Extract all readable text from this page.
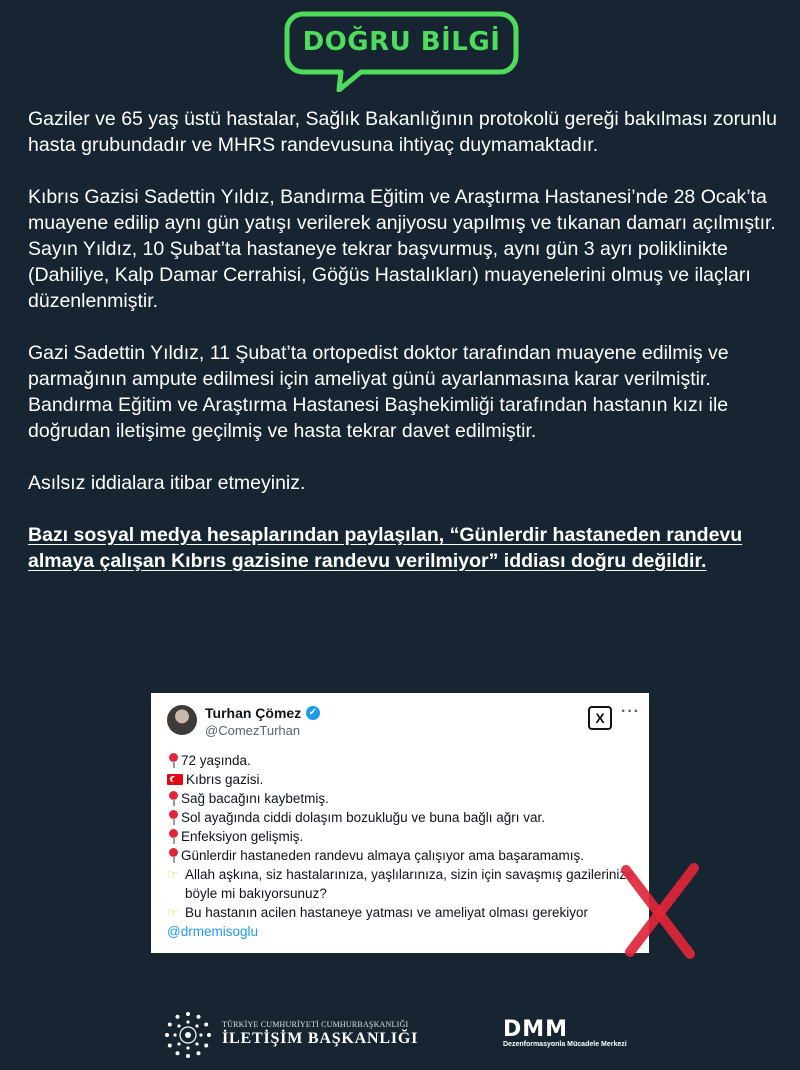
DOĞRU BİLGİ

Gaziler ve 65 yaş üstü hastalar, Sağlık Bakanlığının protokolü gereği bakılması zorunlu hasta grubundadır ve MHRS randevusuna ihtiyaç duymamaktadır.

Kıbrıs Gazisi Sadettin Yıldız, Bandırma Eğitim ve Araştırma Hastanesi’nde 28 Ocak’ta muayene edilip aynı gün yatışı verilerek anjiyosu yapılmış ve tıkanan damarı açılmıştır. Sayın Yıldız, 10 Şubat’ta hastaneye tekrar başvurmuş, aynı gün 3 ayrı poliklinikte (Dahiliye, Kalp Damar Cerrahisi, Göğüs Hastalıkları) muayenelerini olmuş ve ilaçları düzenlenmiştir.

Gazi Sadettin Yıldız, 11 Şubat’ta ortopedist doktor tarafından muayene edilmiş ve parmağının ampute edilmesi için ameliyat günü ayarlanmasına karar verilmiştir. Bandırma Eğitim ve Araştırma Hastanesi Başhekimliği tarafından hastanın kızı ile doğrudan iletişime geçilmiş ve hasta tekrar davet edilmiştir.

Asılsız iddialara itibar etmeyiniz.

Bazı sosyal medya hesaplarından paylaşılan, “Günlerdir hastaneden randevu almaya çalışan Kıbrıs gazisine randevu verilmiyor” iddiası doğru değildir.

Turhan Çömez ✓
@ComezTurhan
X	···
72 yaşında.
Kıbrıs gazisi.
Sağ bacağını kaybetmiş.
Sol ayağında ciddi dolaşım bozukluğu ve buna bağlı ağrı var.
Enfeksiyon gelişmiş.
Günlerdir hastaneden randevu almaya çalışıyor ama başaramamış.
☞ Allah aşkına, siz hastalarınıza, yaşlılarınıza, sizin için savaşmış gazilerinize böyle mi bakıyorsunuz?
☞ Bu hastanın acilen hastaneye yatması ve ameliyat olması gerekiyor
@drmemisoglu
TÜRKİYE CUMHURİYETİ CUMHURBAŞKANLIĞI
İLETİŞİM BAŞKANLIĞI	DMM
Dezenformasyonla Mücadele Merkezi
